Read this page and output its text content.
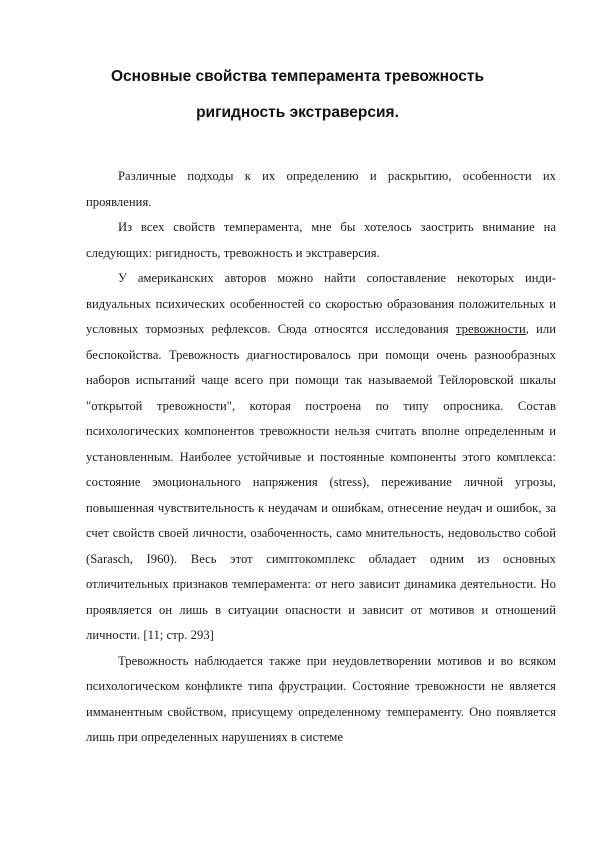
Основные свойства темперамента тревожность
ригидность экстраверсия.

Различные подходы к их определению и раскрытию, особенности их проявления.

Из всех свойств темперамента, мне бы хотелось заострить внимание на следующих: ригидность, тревожность и экстраверсия.

У американских авторов можно найти сопоставление некоторых индивидуальных психических особенностей со скоростью образования положительных и условных тормозных рефлексов. Сюда относятся исследования тревожности, или беспокойства. Тревожность диагностировалось при помощи очень разнообразных наборов испытаний чаще всего при помощи так называемой Тейлоровской шкалы "открытой тревожности", которая построена по типу опросника. Состав психологических компонентов тревожности нельзя считать вполне определенным и установленным. Наиболее устойчивые и постоянные компоненты этого комплекса: состояние эмоционального напряжения (stress), переживание личной угрозы, повышенная чувствительность к неудачам и ошибкам, отнесение неудач и ошибок, за счет свойств своей личности, озабоченность, само мнительность, недовольство собой (Sarasch, I960). Весь этот симптокомплекс обладает одним из основных отличительных признаков темперамента: от него зависит динамика деятельности. Но проявляется он лишь в ситуации опасности и зависит от мотивов и отношений личности. [11; стр. 293]

Тревожность наблюдается также при неудовлетворении мотивов и во всяком психологическом конфликте типа фрустрации. Состояние тревожности не является имманентным свойством, присущему определенному темпераменту. Оно появляется лишь при определенных нарушениях в системе
